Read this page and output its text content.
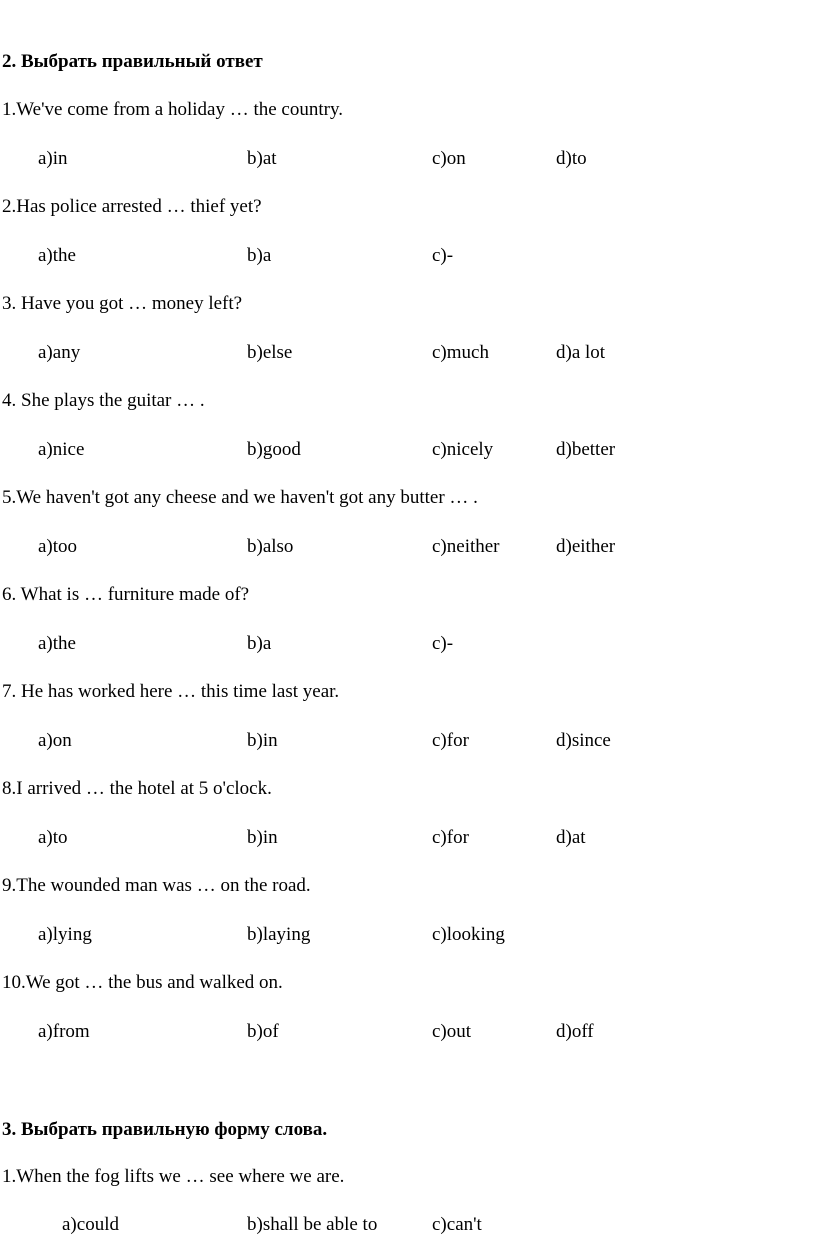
2. Выбрать правильный ответ
1.We've come from a holiday … the country.
a)in	b)at	c)on	d)to
2.Has police arrested … thief yet?
a)the	b)a	c)-
3. Have you got … money left?
a)any	b)else	c)much	d)a lot
4. She plays the guitar … .
a)nice	b)good	c)nicely	d)better
5.We haven't got any cheese and we haven't got any butter … .
a)too	b)also	c)neither	d)either
6. What is … furniture made of?
a)the	b)a	c)-
7. He has worked here … this time last year.
a)on	b)in	c)for	d)since
8.I arrived … the hotel at 5 o'clock.
a)to	b)in	c)for	d)at
9.The wounded man was … on the road.
a)lying	b)laying	c)looking
10.We got … the bus and walked on.
a)from	b)of	c)out	d)off
3. Выбрать правильную форму слова.
1.When the fog lifts we … see where we are.
a)could	b)shall be able to	c)can't
